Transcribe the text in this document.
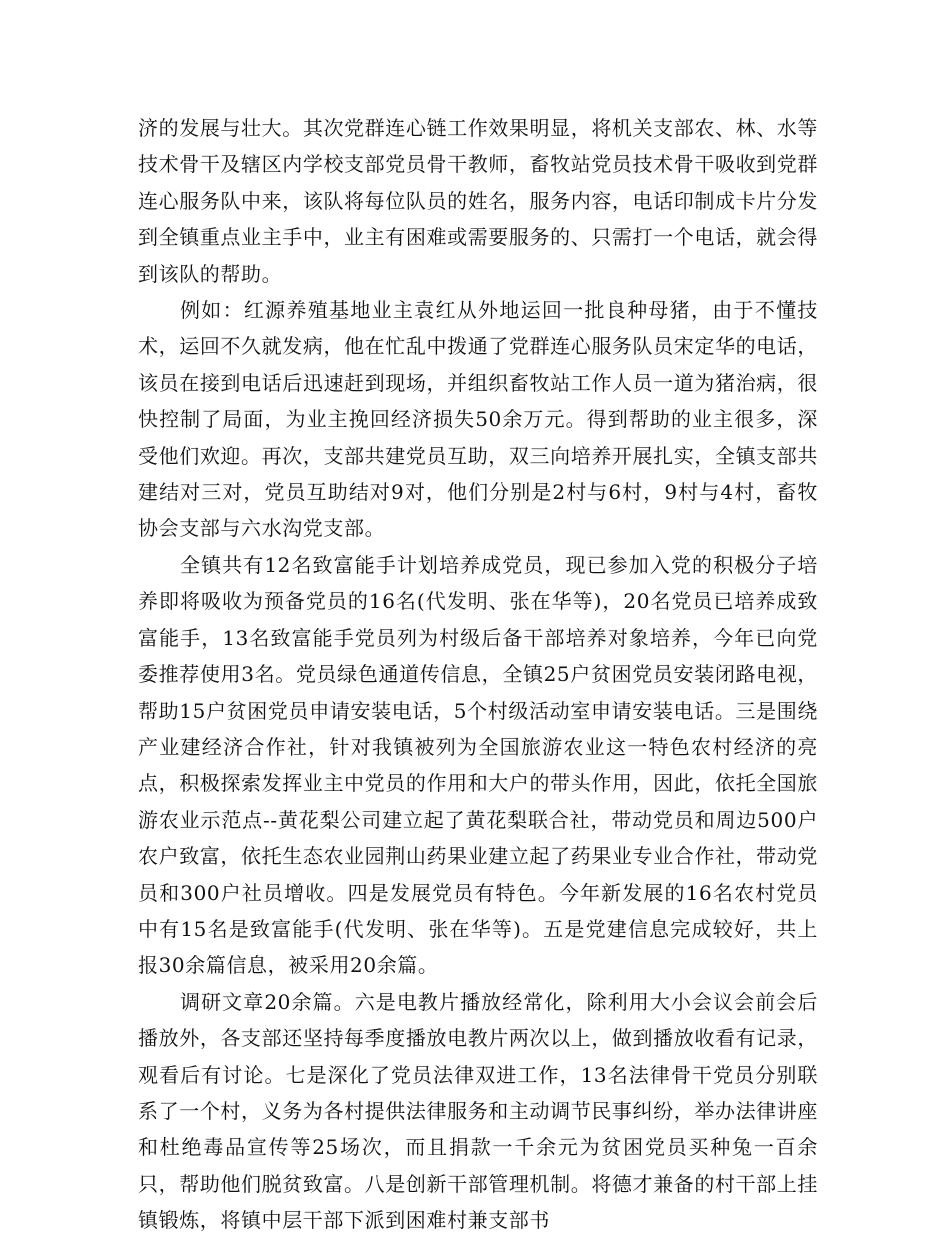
济的发展与壮大。其次党群连心链工作效果明显，将机关支部农、林、水等技术骨干及辖区内学校支部党员骨干教师，畜牧站党员技术骨干吸收到党群连心服务队中来，该队将每位队员的姓名，服务内容，电话印制成卡片分发到全镇重点业主手中，业主有困难或需要服务的、只需打一个电话，就会得到该队的帮助。

例如：红源养殖基地业主袁红从外地运回一批良种母猪，由于不懂技术，运回不久就发病，他在忙乱中拨通了党群连心服务队员宋定华的电话，该员在接到电话后迅速赶到现场，并组织畜牧站工作人员一道为猪治病，很快控制了局面，为业主挽回经济损失50余万元。得到帮助的业主很多，深受他们欢迎。再次，支部共建党员互助，双三向培养开展扎实，全镇支部共建结对三对，党员互助结对9对，他们分别是2村与6村，9村与4村，畜牧协会支部与六水沟党支部。

全镇共有12名致富能手计划培养成党员，现已参加入党的积极分子培养即将吸收为预备党员的16名(代发明、张在华等)，20名党员已培养成致富能手，13名致富能手党员列为村级后备干部培养对象培养，今年已向党委推荐使用3名。党员绿色通道传信息，全镇25户贫困党员安装闭路电视，帮助15户贫困党员申请安装电话，5个村级活动室申请安装电话。三是围绕产业建经济合作社，针对我镇被列为全国旅游农业这一特色农村经济的亮点，积极探索发挥业主中党员的作用和大户的带头作用，因此，依托全国旅游农业示范点--黄花梨公司建立起了黄花梨联合社，带动党员和周边500户农户致富，依托生态农业园荆山药果业建立起了药果业专业合作社，带动党员和300户社员增收。四是发展党员有特色。今年新发展的16名农村党员中有15名是致富能手(代发明、张在华等)。五是党建信息完成较好，共上报30余篇信息，被采用20余篇。

调研文章20余篇。六是电教片播放经常化，除利用大小会议会前会后播放外，各支部还坚持每季度播放电教片两次以上，做到播放收看有记录，观看后有讨论。七是深化了党员法律双进工作，13名法律骨干党员分别联系了一个村，义务为各村提供法律服务和主动调节民事纠纷，举办法律讲座和杜绝毒品宣传等25场次，而且捐款一千余元为贫困党员买种兔一百余只，帮助他们脱贫致富。八是创新干部管理机制。将德才兼备的村干部上挂镇锻炼，将镇中层干部下派到困难村兼支部书
